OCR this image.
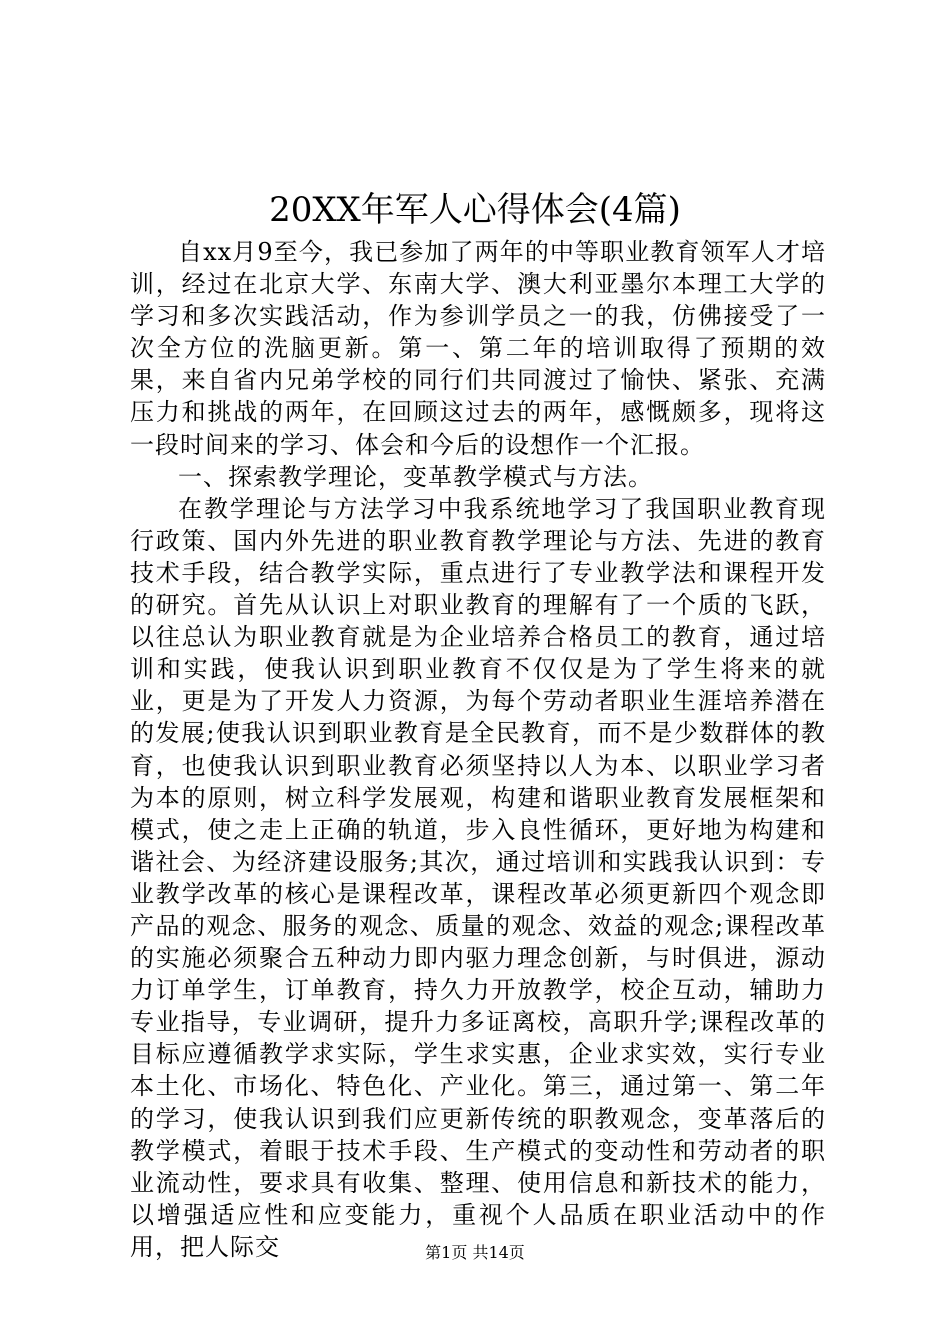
20XX年军人心得体会(4篇)

自xx月9至今，我已参加了两年的中等职业教育领军人才培训，经过在北京大学、东南大学、澳大利亚墨尔本理工大学的学习和多次实践活动，作为参训学员之一的我，仿佛接受了一次全方位的洗脑更新。第一、第二年的培训取得了预期的效果，来自省内兄弟学校的同行们共同渡过了愉快、紧张、充满压力和挑战的两年，在回顾这过去的两年，感慨颇多，现将这一段时间来的学习、体会和今后的设想作一个汇报。

一、探索教学理论，变革教学模式与方法。

在教学理论与方法学习中我系统地学习了我国职业教育现行政策、国内外先进的职业教育教学理论与方法、先进的教育技术手段，结合教学实际，重点进行了专业教学法和课程开发的研究。首先从认识上对职业教育的理解有了一个质的飞跃，以往总认为职业教育就是为企业培养合格员工的教育，通过培训和实践，使我认识到职业教育不仅仅是为了学生将来的就业，更是为了开发人力资源，为每个劳动者职业生涯培养潜在的发展;使我认识到职业教育是全民教育，而不是少数群体的教育，也使我认识到职业教育必须坚持以人为本、以职业学习者为本的原则，树立科学发展观，构建和谐职业教育发展框架和模式，使之走上正确的轨道，步入良性循环，更好地为构建和谐社会、为经济建设服务;其次，通过培训和实践我认识到：专业教学改革的核心是课程改革，课程改革必须更新四个观念即产品的观念、服务的观念、质量的观念、效益的观念;课程改革的实施必须聚合五种动力即内驱力理念创新，与时俱进，源动力订单学生，订单教育，持久力开放教学，校企互动，辅助力专业指导，专业调研，提升力多证离校，高职升学;课程改革的目标应遵循教学求实际，学生求实惠，企业求实效，实行专业本土化、市场化、特色化、产业化。第三，通过第一、第二年的学习，使我认识到我们应更新传统的职教观念，变革落后的教学模式，着眼于技术手段、生产模式的变动性和劳动者的职业流动性，要求具有收集、整理、使用信息和新技术的能力，以增强适应性和应变能力，重视个人品质在职业活动中的作用，把人际交	第1页 共14页
